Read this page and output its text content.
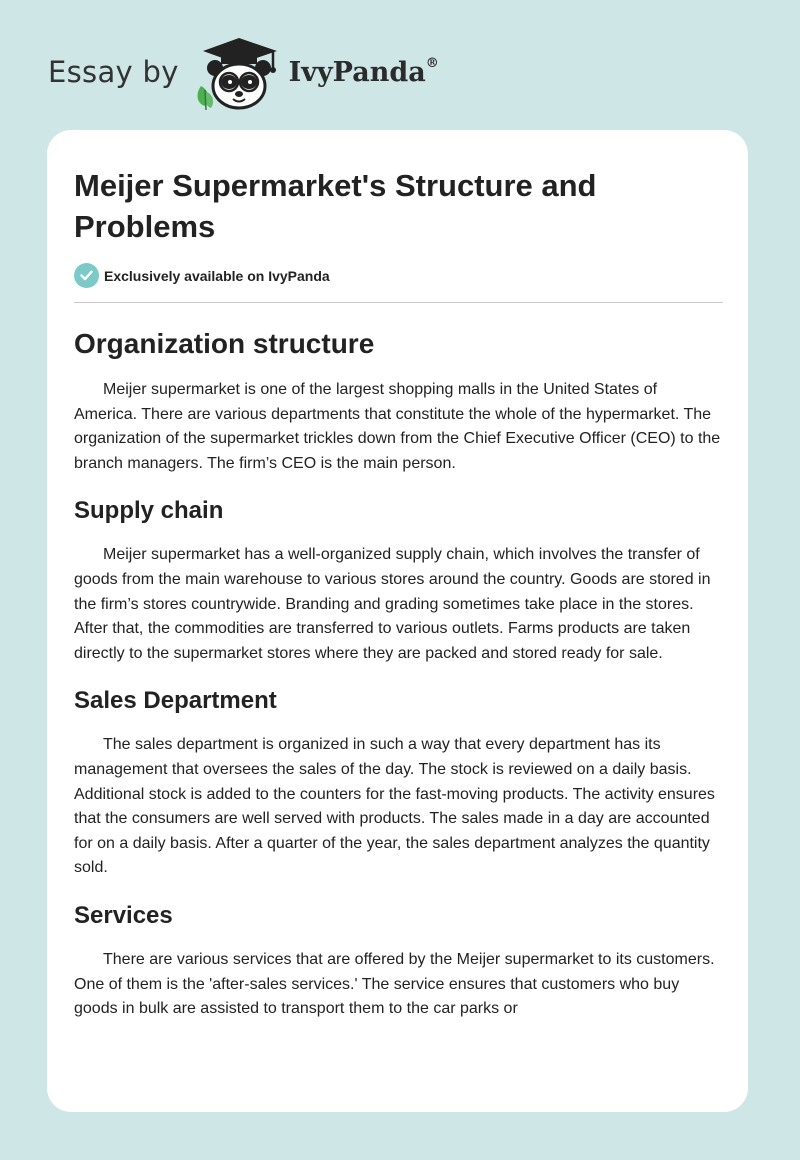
Essay by	IvyPanda®
Meijer Supermarket's Structure and Problems
Exclusively available on IvyPanda
Organization structure

Meijer supermarket is one of the largest shopping malls in the United States of America. There are various departments that constitute the whole of the hypermarket. The organization of the supermarket trickles down from the Chief Executive Officer (CEO) to the branch managers. The firm’s CEO is the main person.

Supply chain

Meijer supermarket has a well-organized supply chain, which involves the transfer of goods from the main warehouse to various stores around the country. Goods are stored in the firm’s stores countrywide. Branding and grading sometimes take place in the stores. After that, the commodities are transferred to various outlets. Farms products are taken directly to the supermarket stores where they are packed and stored ready for sale.

Sales Department

The sales department is organized in such a way that every department has its management that oversees the sales of the day. The stock is reviewed on a daily basis. Additional stock is added to the counters for the fast-moving products. The activity ensures that the consumers are well served with products. The sales made in a day are accounted for on a daily basis. After a quarter of the year, the sales department analyzes the quantity sold.

Services

There are various services that are offered by the Meijer supermarket to its customers. One of them is the 'after-sales services.' The service ensures that customers who buy goods in bulk are assisted to transport them to the car parks or
